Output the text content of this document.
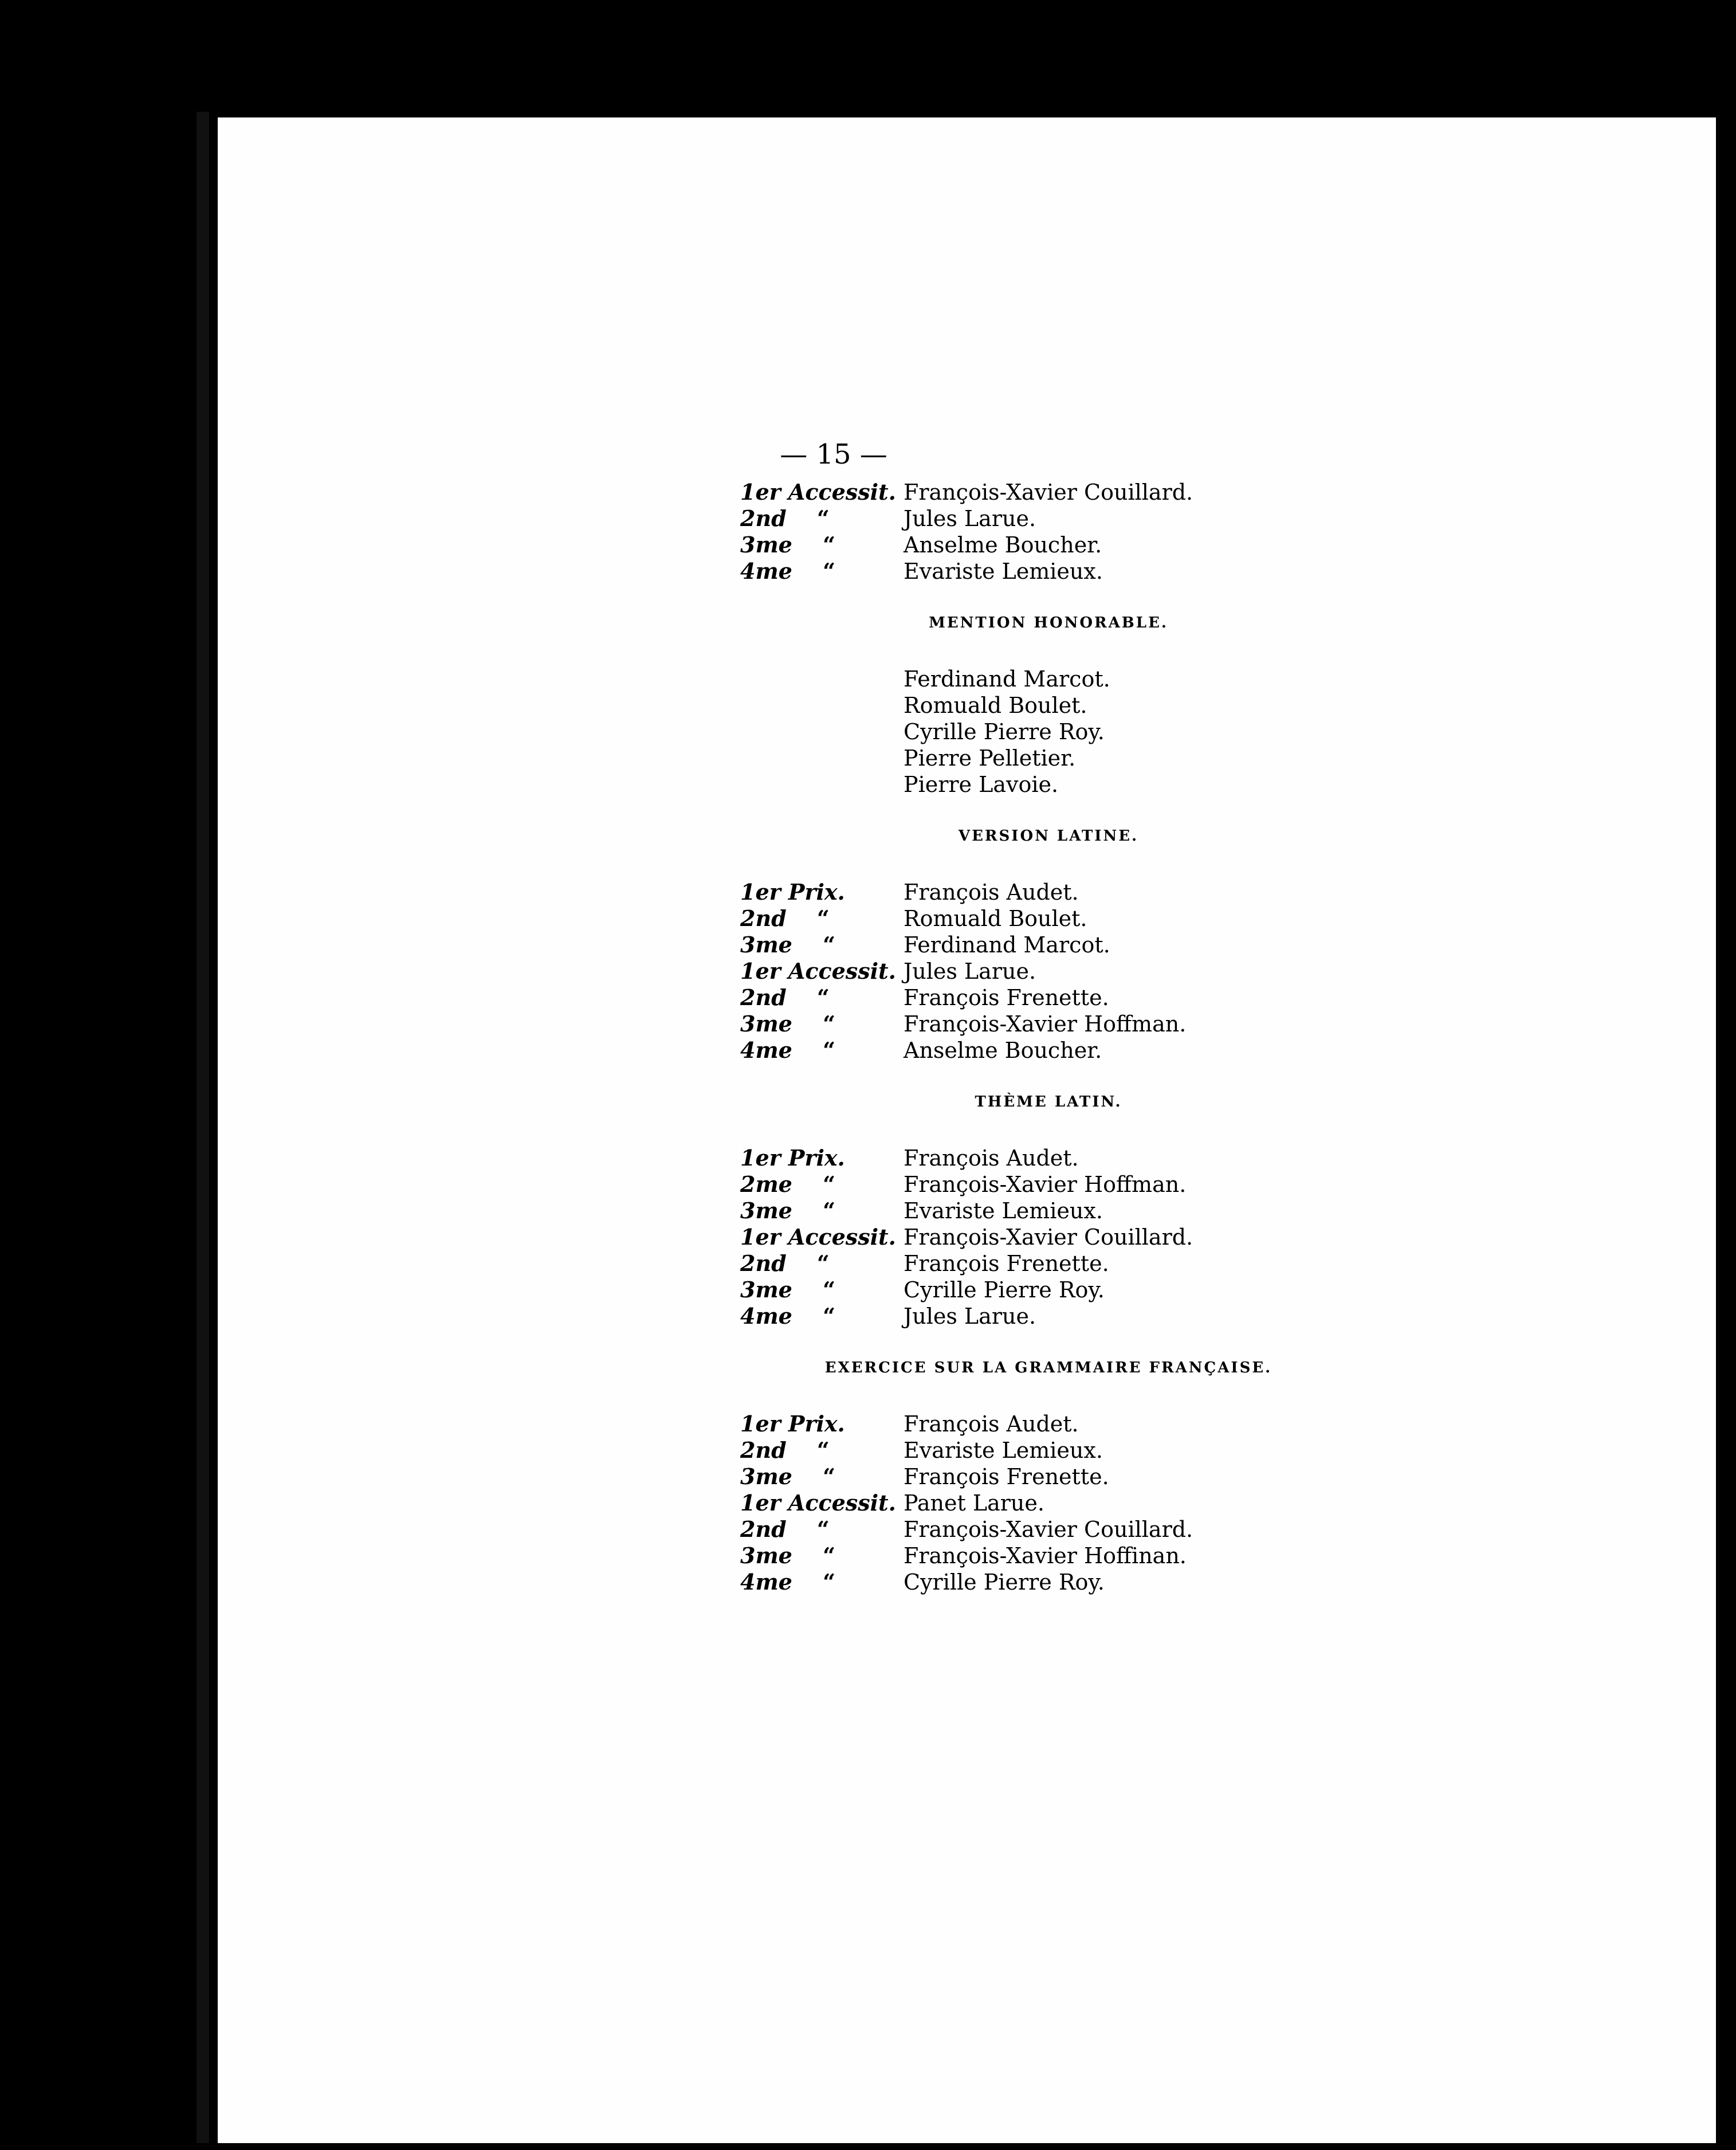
— 15 —
1er Accessit. François-Xavier Couillard.
2nd “	Jules Larue.
3me “	Anselme Boucher.
4me “	Evariste Lemieux.
MENTION HONORABLE.
Ferdinand Marcot.
Romuald Boulet.
Cyrille Pierre Roy.
Pierre Pelletier.
Pierre Lavoie.
VERSION LATINE.
1er Prix.	François Audet.
2nd “	Romuald Boulet.
3me “	Ferdinand Marcot.
1er Accessit. Jules Larue.
2nd “	François Frenette.
3me “	François-Xavier Hoffman.
4me “	Anselme Boucher.
THÈME LATIN.
1er Prix.	François Audet.
2me “	François-Xavier Hoffman.
3me “	Evariste Lemieux.
1er Accessit. François-Xavier Couillard.
2nd “	François Frenette.
3me “	Cyrille Pierre Roy.
4me “	Jules Larue.
EXERCICE SUR LA GRAMMAIRE FRANÇAISE.
1er Prix.	François Audet.
2nd “	Evariste Lemieux.
3me “	François Frenette.
1er Accessit. Panet Larue.
2nd “	François-Xavier Couillard.
3me “	François-Xavier Hoffinan.
4me “	Cyrille Pierre Roy.
